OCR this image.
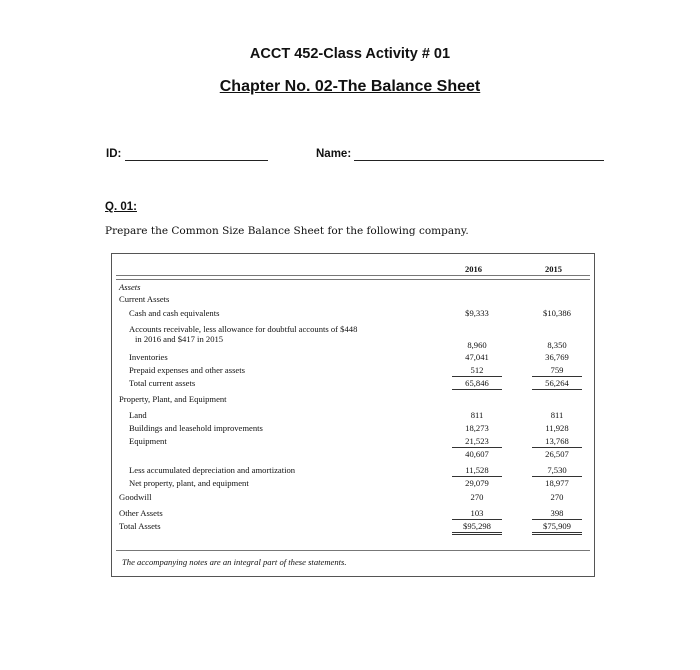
ACCT 452-Class Activity # 01
Chapter No. 02-The Balance Sheet
ID:	Name:
Q. 01:
Prepare the Common Size Balance Sheet for the following company.
2016	2015
Assets
Current Assets
Cash and cash equivalents	$9,333	$10,386
Accounts receivable, less allowance for doubtful accounts of $448
in 2016 and $417 in 2015
8,960	8,350
Inventories	47,041	36,769
Prepaid expenses and other assets	512	759
Total current assets	65,846	56,264
Property, Plant, and Equipment
Land	811	811
Buildings and leasehold improvements	18,273	11,928
Equipment	21,523	13,768
40,607	26,507
Less accumulated depreciation and amortization	11,528	7,530
Net property, plant, and equipment	29,079	18,977
Goodwill	270	270
Other Assets	103	398
Total Assets	$95,298	$75,909
The accompanying notes are an integral part of these statements.
